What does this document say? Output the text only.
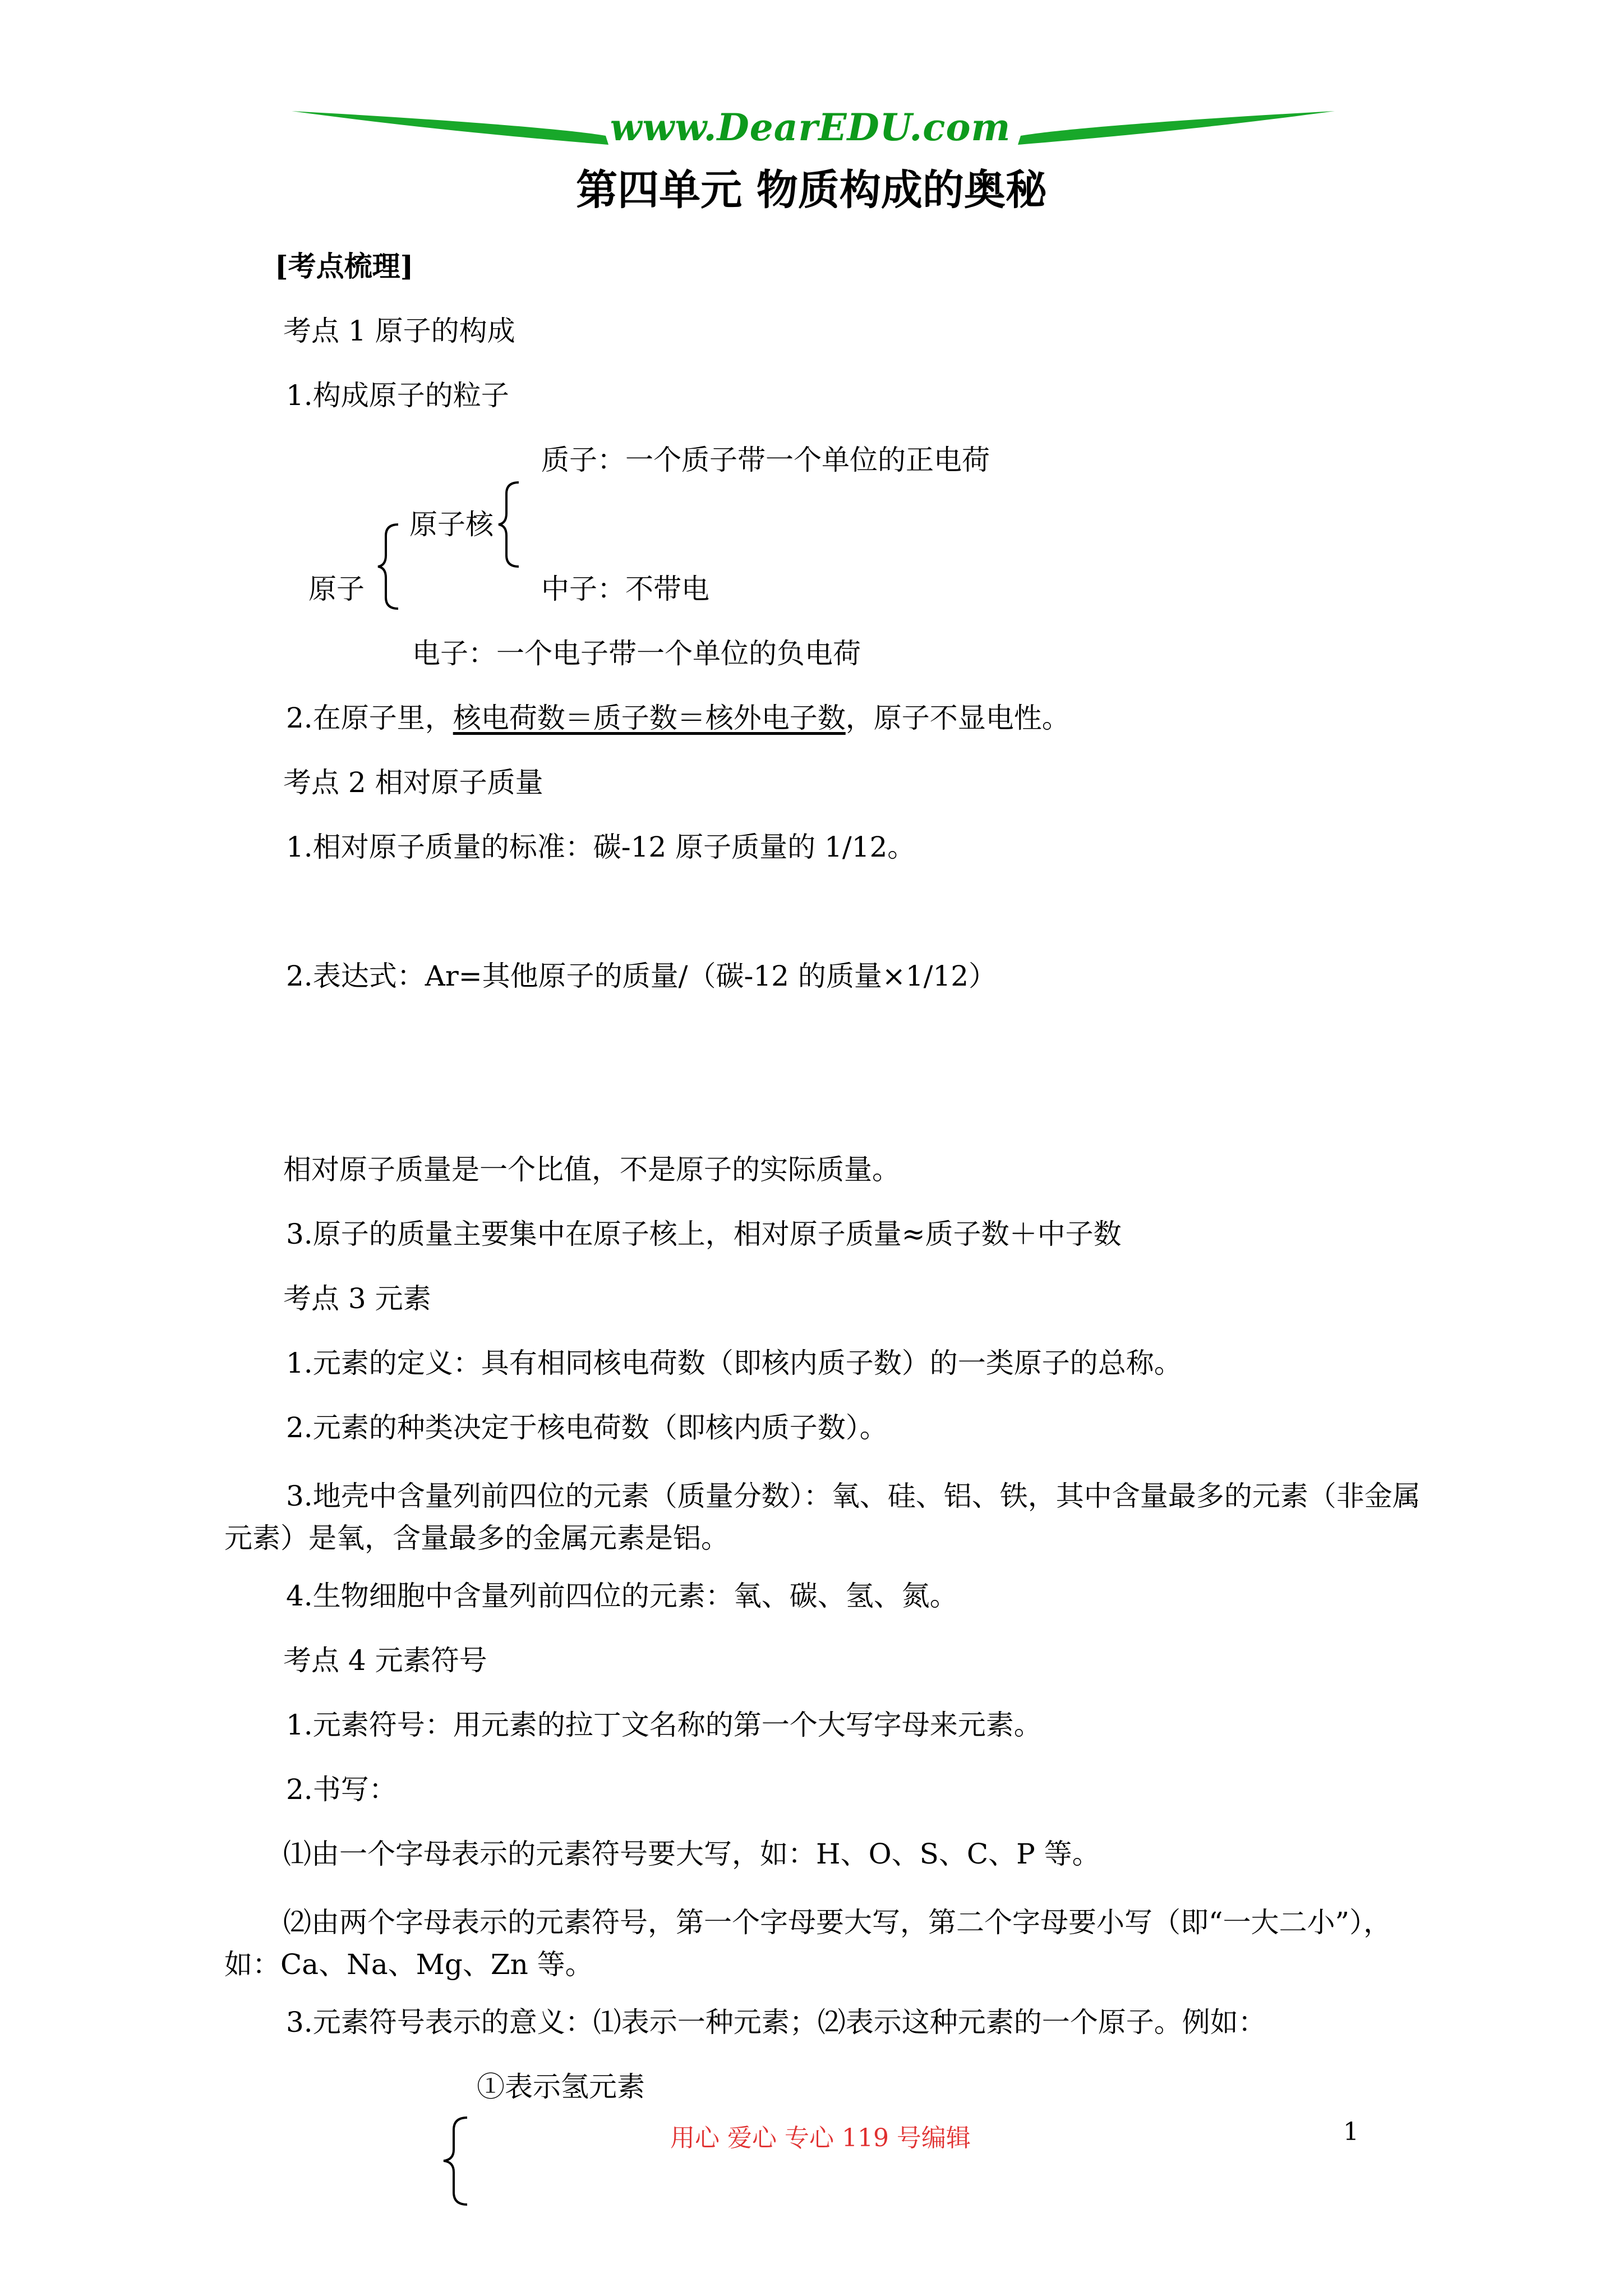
www.DearEDU.com
第四单元 物质构成的奥秘
[考点梳理]
考点 1 原子的构成
1.构成原子的粒子
质子：一个质子带一个单位的正电荷
原子核
原子	中子：不带电
电子：一个电子带一个单位的负电荷
2.在原子里，核电荷数＝质子数＝核外电子数，原子不显电性。
考点 2 相对原子质量
1.相对原子质量的标准：碳-12 原子质量的 1/12。
2.表达式：Ar=其他原子的质量/（碳-12 的质量×1/12）
相对原子质量是一个比值，不是原子的实际质量。
3.原子的质量主要集中在原子核上，相对原子质量≈质子数＋中子数
考点 3 元素
1.元素的定义：具有相同核电荷数（即核内质子数）的一类原子的总称。
2.元素的种类决定于核电荷数（即核内质子数）。
3.地壳中含量列前四位的元素（质量分数）：氧、硅、铝、铁，其中含量最多的元素（非金属元素）是氧，含量最多的金属元素是铝。
4.生物细胞中含量列前四位的元素：氧、碳、氢、氮。
考点 4 元素符号
1.元素符号：用元素的拉丁文名称的第一个大写字母来元素。
2.书写：
⑴由一个字母表示的元素符号要大写，如：H、O、S、C、P 等。
⑵由两个字母表示的元素符号，第一个字母要大写，第二个字母要小写（即“一大二小”），如：Ca、Na、Mg、Zn 等。
3.元素符号表示的意义：⑴表示一种元素；⑵表示这种元素的一个原子。例如：
①表示氢元素
用心 爱心 专心 119 号编辑	1
